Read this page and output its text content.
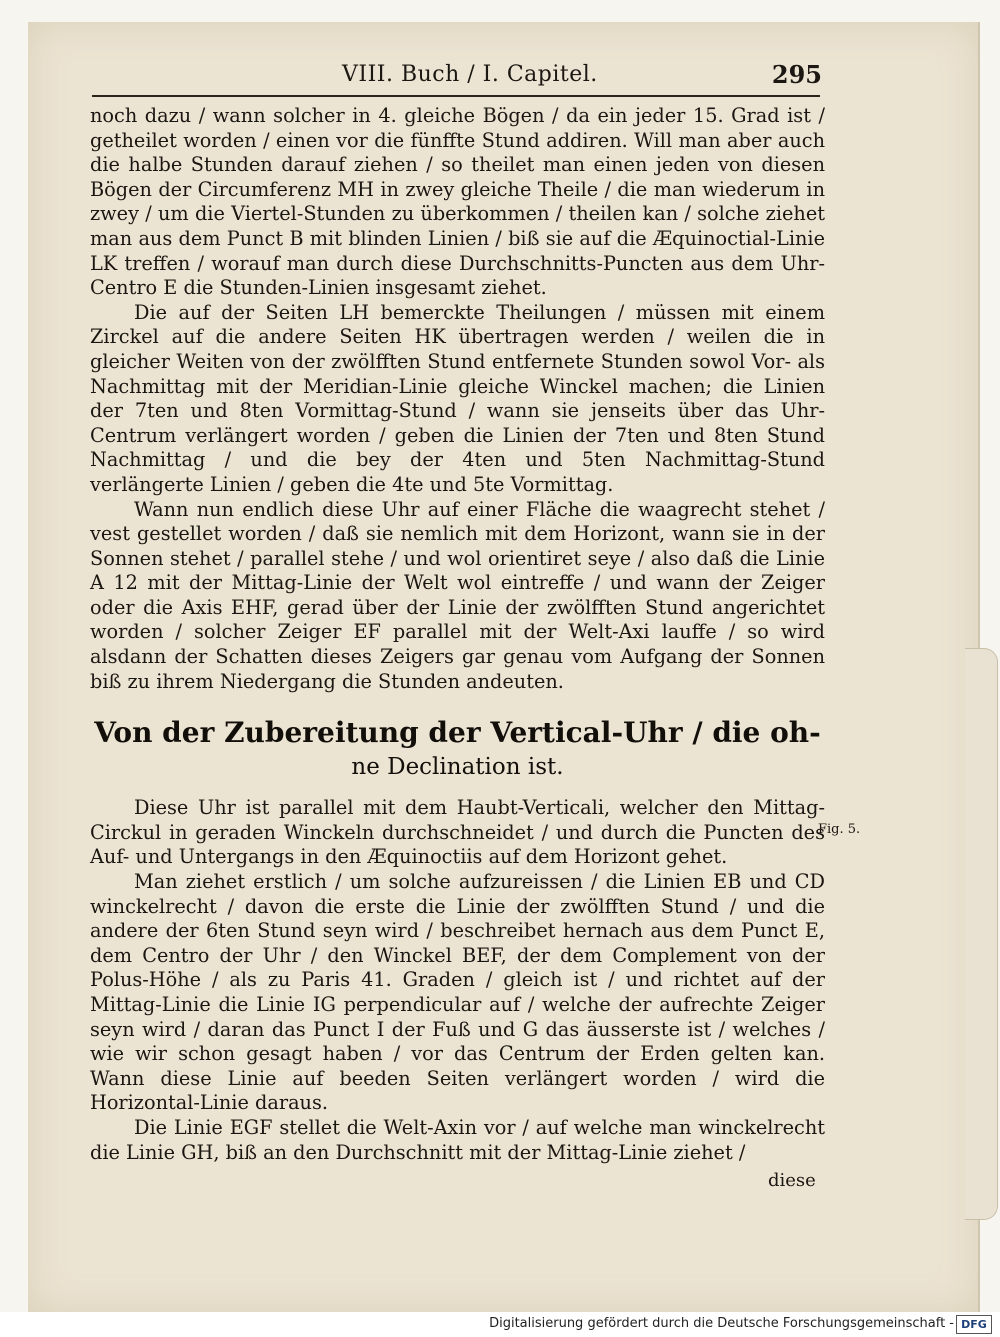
VIII. Buch / I. Capitel.	295

noch dazu / wann solcher in 4. gleiche Bögen / da ein jeder 15. Grad ist / getheilet worden / einen vor die fünffte Stund addiren. Will man aber auch die halbe Stunden darauf ziehen / so theilet man einen jeden von diesen Bögen der Circumferenz MH in zwey gleiche Theile / die man wiederum in zwey / um die Viertel-Stunden zu überkommen / theilen kan / solche ziehet man aus dem Punct B mit blinden Linien / biß sie auf die Æquinoctial-Linie LK treffen / worauf man durch diese Durchschnitts-Puncten aus dem Uhr-Centro E die Stunden-Linien insgesamt ziehet.

Die auf der Seiten LH bemerckte Theilungen / müssen mit einem Zirckel auf die andere Seiten HK übertragen werden / weilen die in gleicher Weiten von der zwölfften Stund entfernete Stunden sowol Vor- als Nachmittag mit der Meridian-Linie gleiche Winckel machen; die Linien der 7ten und 8ten Vormittag-Stund / wann sie jenseits über das Uhr-Centrum verlängert worden / geben die Linien der 7ten und 8ten Stund Nachmittag / und die bey der 4ten und 5ten Nachmittag-Stund verlängerte Linien / geben die 4te und 5te Vormittag.

Wann nun endlich diese Uhr auf einer Fläche die waagrecht stehet / vest gestellet worden / daß sie nemlich mit dem Horizont, wann sie in der Sonnen stehet / parallel stehe / und wol orientiret seye / also daß die Linie A 12 mit der Mittag-Linie der Welt wol eintreffe / und wann der Zeiger oder die Axis EHF, gerad über der Linie der zwölfften Stund angerichtet worden / solcher Zeiger EF parallel mit der Welt-Axi lauffe / so wird alsdann der Schatten dieses Zeigers gar genau vom Aufgang der Sonnen biß zu ihrem Niedergang die Stunden andeuten.

Von der Zubereitung der Vertical-Uhr / die oh-
ne Declination ist.

Diese Uhr ist parallel mit dem Haubt-Verticali, welcher den Mittag-Circkul in geraden Winckeln durchschneidet / und durch die Puncten des Auf- und Untergangs in den Æquinoctiis auf dem Horizont gehet.

Man ziehet erstlich / um solche aufzureissen / die Linien EB und CD winckelrecht / davon die erste die Linie der zwölfften Stund / und die andere der 6ten Stund seyn wird / beschreibet hernach aus dem Punct E, dem Centro der Uhr / den Winckel BEF, der dem Complement von der Polus-Höhe / als zu Paris 41. Graden / gleich ist / und richtet auf der Mittag-Linie die Linie IG perpendicular auf / welche der aufrechte Zeiger seyn wird / daran das Punct I der Fuß und G das äusserste ist / welches / wie wir schon gesagt haben / vor das Centrum der Erden gelten kan. Wann diese Linie auf beeden Seiten verlängert worden / wird die Horizontal-Linie daraus.

Die Linie EGF stellet die Welt-Axin vor / auf welche man winckelrecht die Linie GH, biß an den Durchschnitt mit der Mittag-Linie ziehet /

Fig. 5.
diese
Digitalisierung gefördert durch die Deutsche Forschungsgemeinschaft - DFG
